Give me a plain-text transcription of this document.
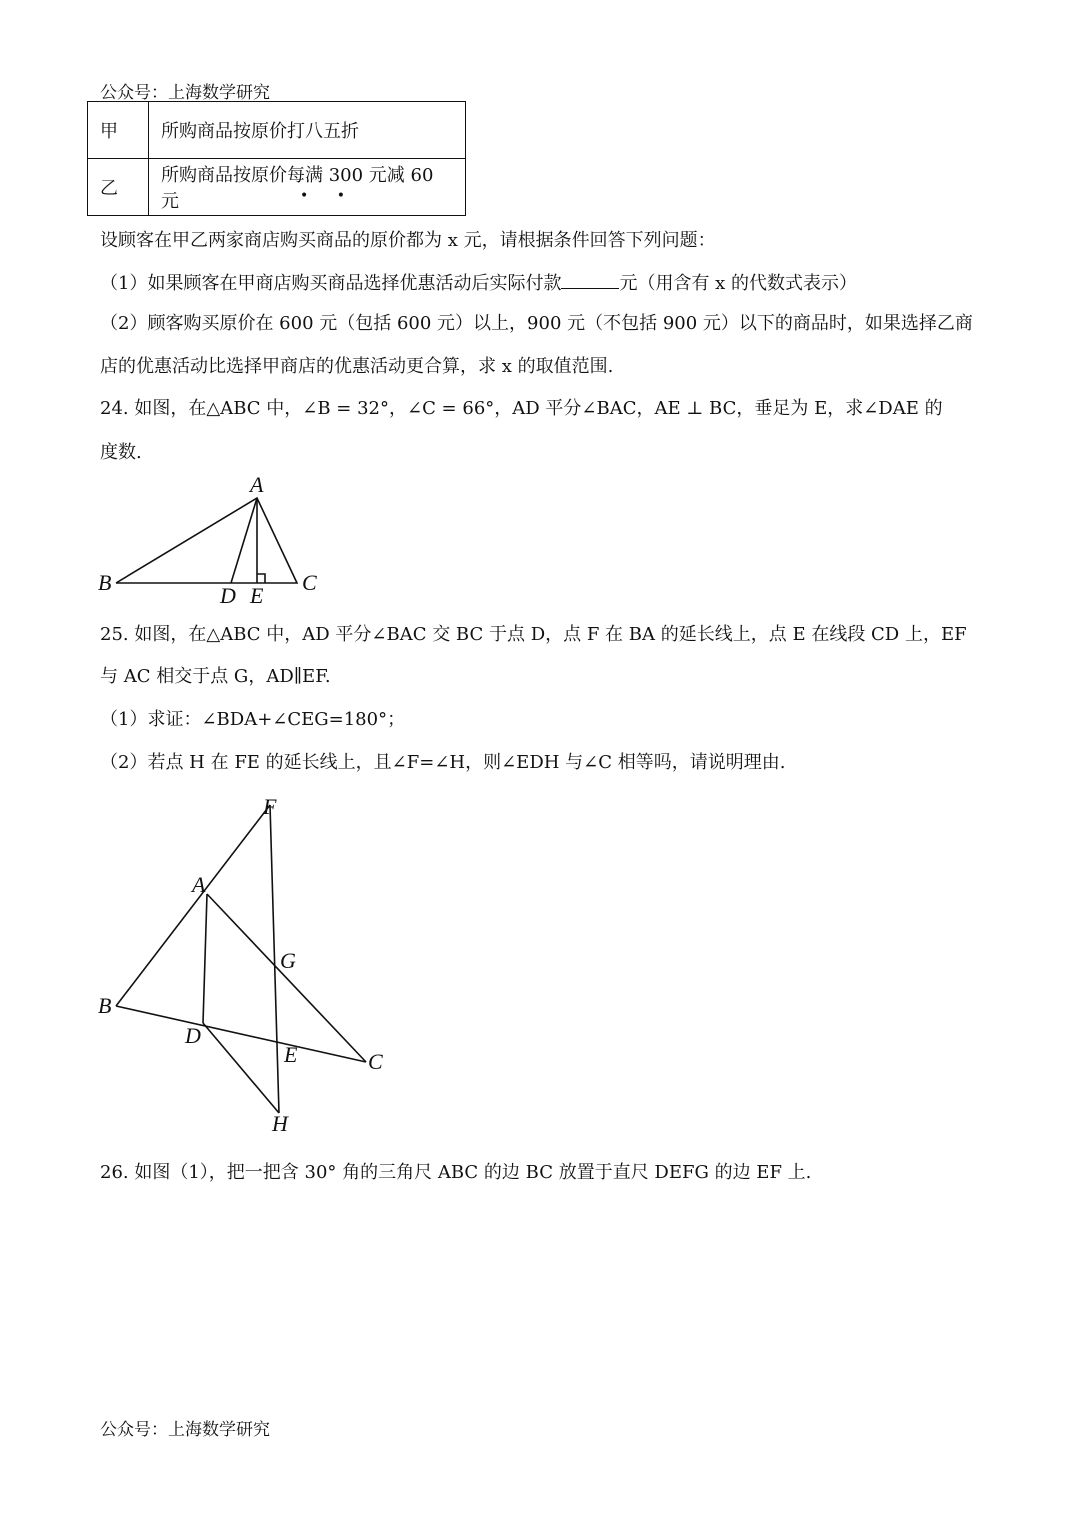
公众号：上海数学研究
甲	所购商品按原价打八五折
乙	所购商品按原价每满 300 元减 60 元	• •
设顾客在甲乙两家商店购买商品的原价都为 x 元，请根据条件回答下列问题：
（1）如果顾客在甲商店购买商品选择优惠活动后实际付款	元（用含有 x 的代数式表示）
（2）顾客购买原价在 600 元（包括 600 元）以上，900 元（不包括 900 元）以下的商品时，如果选择乙商
店的优惠活动比选择甲商店的优惠活动更合算，求 x 的取值范围.
24. 如图，在△ABC 中，∠B = 32°，∠C = 66°，AD 平分∠BAC，AE ⊥ BC，垂足为 E，求∠DAE 的
度数.
A
B	C
D E
25. 如图，在△ABC 中，AD 平分∠BAC 交 BC 于点 D，点 F 在 BA 的延长线上，点 E 在线段 CD 上，EF
与 AC 相交于点 G，AD∥EF.
（1）求证：∠BDA+∠CEG=180°；
（2）若点 H 在 FE 的延长线上，且∠F=∠H，则∠EDH 与∠C 相等吗，请说明理由.
F
A
G
B
D
E	C
H
26. 如图（1），把一把含 30° 角的三角尺 ABC 的边 BC 放置于直尺 DEFG 的边 EF 上.
公众号：上海数学研究
